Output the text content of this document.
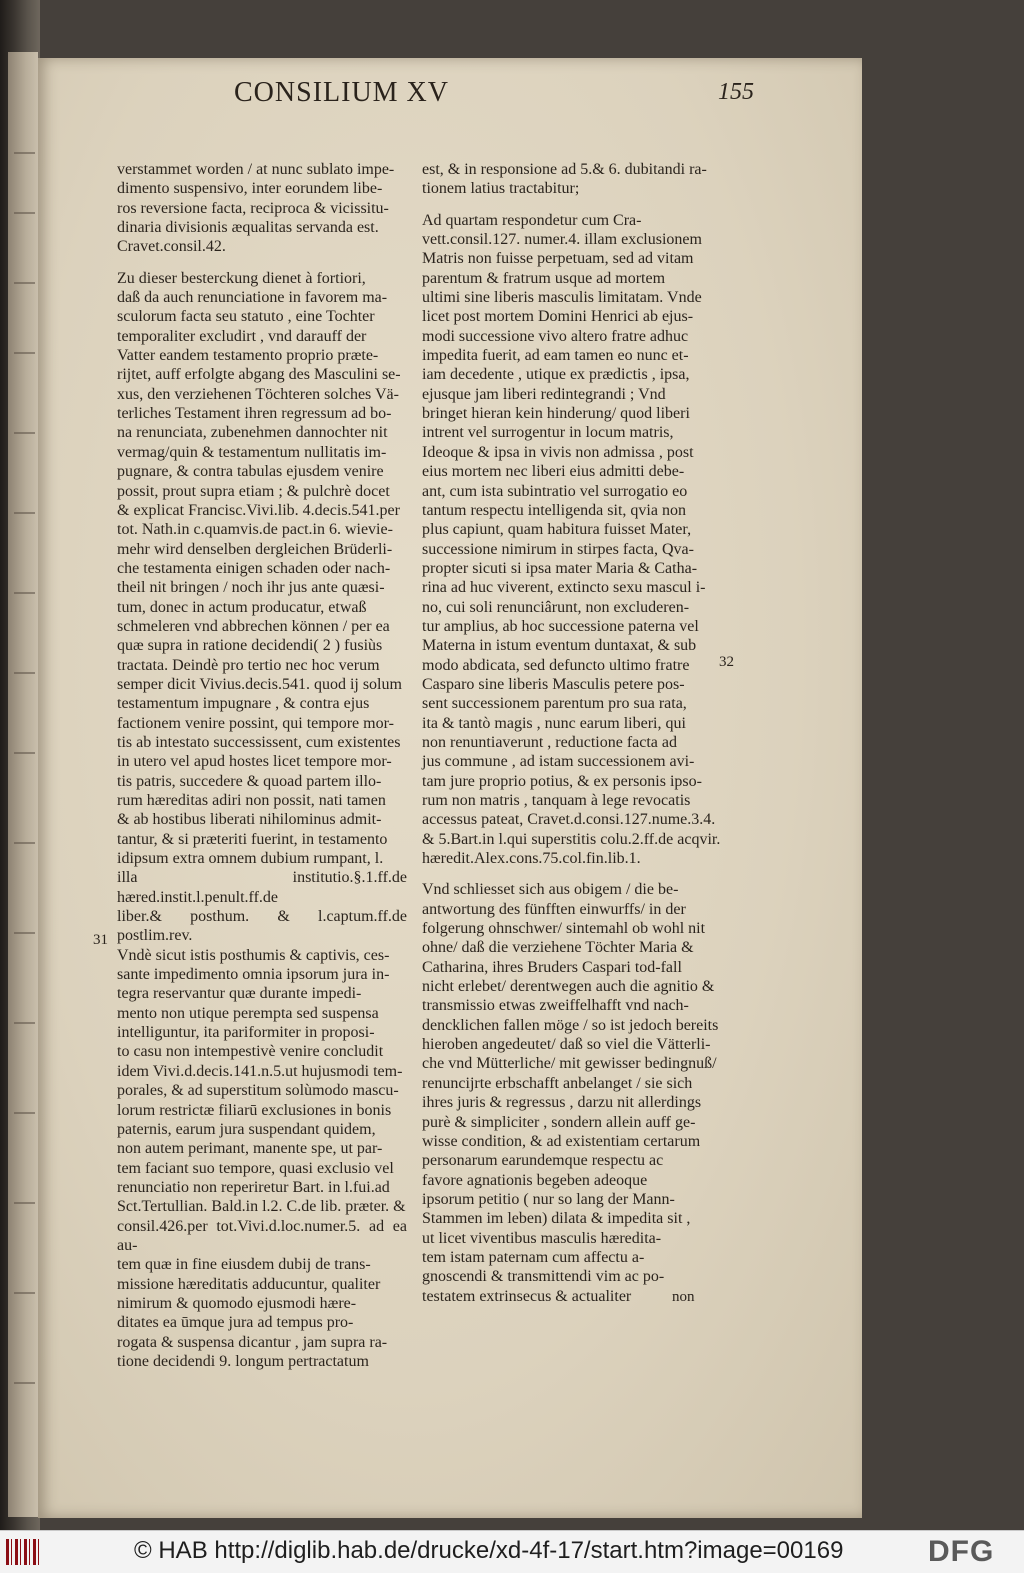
CONSILIUM XV	155

verstammet worden / at nunc sublato impe-
dimento suspensivo, inter eorundem libe-
ros reversione facta, reciproca & vicissitu-
dinaria divisionis æqualitas servanda est.
Cravet.consil.42.

Zu dieser besterckung dienet à fortiori,
daß da auch renunciatione in favorem ma-
sculorum facta seu statuto , eine Tochter
temporaliter excludirt , vnd darauff der
Vatter eandem testamento proprio præte-
rijtet, auff erfolgte abgang des Masculini se-
xus, den verziehenen Töchteren solches Vä-
terliches Testament ihren regressum ad bo-
na renunciata, zubenehmen dannochter nit
vermag/quin & testamentum nullitatis im-
pugnare, & contra tabulas ejusdem venire
possit, prout supra etiam ; & pulchrè docet
& explicat Francisc.Vivi.lib. 4.decis.541.per
tot. Nath.in c.quamvis.de pact.in 6. wievie-
mehr wird denselben dergleichen Brüderli-
che testamenta einigen schaden oder nach-
theil nit bringen / noch ihr jus ante quæsi-
tum, donec in actum producatur, etwaß
schmeleren vnd abbrechen können / per ea
quæ supra in ratione decidendi( 2 ) fusiùs
tractata. Deindè pro tertio nec hoc verum
semper dicit Vivius.decis.541. quod ij solum
testamentum impugnare , & contra ejus
factionem venire possint, qui tempore mor-
tis ab intestato successissent, cum existentes
in utero vel apud hostes licet tempore mor-
tis patris, succedere & quoad partem illo-
rum hæreditas adiri non possit, nati tamen
& ab hostibus liberati nihilominus admit-
tantur, & si præteriti fuerint, in testamento
idipsum extra omnem dubium rumpant, l.
illa institutio.§.1.ff.de hæred.instit.l.penult.ff.de
liber.& posthum. & l.captum.ff.de postlim.rev.
Vndè sicut istis posthumis & captivis, ces-
sante impedimento omnia ipsorum jura in-
tegra reservantur quæ durante impedi-
mento non utique perempta sed suspensa
intelliguntur, ita pariformiter in proposi-
to casu non intempestivè venire concludit
idem Vivi.d.decis.141.n.5.ut hujusmodi tem-
porales, & ad superstitum solùmodo mascu-
lorum restrictæ filiarū exclusiones in bonis
paternis, earum jura suspendant quidem,
non autem perimant, manente spe, ut par-
tem faciant suo tempore, quasi exclusio vel
renunciatio non reperiretur Bart. in l.fui.ad
Sct.Tertullian. Bald.in l.2. C.de lib. præter. &
consil.426.per tot.Vivi.d.loc.numer.5. ad ea au-
tem quæ in fine eiusdem dubij de trans-
missione hæreditatis adducuntur, qualiter
nimirum & quomodo ejusmodi hære-
ditates ea ūmque jura ad tempus pro-
rogata & suspensa dicantur , jam supra ra-
tione decidendi 9. longum pertractatum

est, & in responsione ad 5.& 6. dubitandi ra-
tionem latius tractabitur;

Ad quartam respondetur cum Cra-
vett.consil.127. numer.4. illam exclusionem
Matris non fuisse perpetuam, sed ad vitam
parentum & fratrum usque ad mortem
ultimi sine liberis masculis limitatam. Vnde
licet post mortem Domini Henrici ab ejus-
modi successione vivo altero fratre adhuc
impedita fuerit, ad eam tamen eo nunc et-
iam decedente , utique ex prædictis , ipsa,
ejusque jam liberi redintegrandi ; Vnd
bringet hieran kein hinderung/ quod liberi
intrent vel surrogentur in locum matris,
Ideoque & ipsa in vivis non admissa , post
eius mortem nec liberi eius admitti debe-
ant, cum ista subintratio vel surrogatio eo
tantum respectu intelligenda sit, qvia non
plus capiunt, quam habitura fuisset Mater,
successione nimirum in stirpes facta, Qva-
propter sicuti si ipsa mater Maria & Catha-
rina ad huc viverent, extincto sexu mascul i-
no, cui soli renunciârunt, non excluderen-
tur amplius, ab hoc successione paterna vel
Materna in istum eventum duntaxat, & sub
modo abdicata, sed defuncto ultimo fratre
Casparo sine liberis Masculis petere pos-
sent successionem parentum pro sua rata,
ita & tantò magis , nunc earum liberi, qui
non renuntiaverunt , reductione facta ad
jus commune , ad istam successionem avi-
tam jure proprio potius, & ex personis ipso-
rum non matris , tanquam à lege revocatis
accessus pateat, Cravet.d.consi.127.nume.3.4.
& 5.Bart.in l.qui superstitis colu.2.ff.de acqvir.
hæredit.Alex.cons.75.col.fin.lib.1.

Vnd schliesset sich aus obigem / die be-
antwortung des fünfften einwurffs/ in der
folgerung ohnschwer/ sintemahl ob wohl nit
ohne/ daß die verziehene Töchter Maria &
Catharina, ihres Bruders Caspari tod-fall
nicht erlebet/ derentwegen auch die agnitio &
transmissio etwas zweiffelhafft vnd nach-
dencklichen fallen möge / so ist jedoch bereits
hieroben angedeutet/ daß so viel die Vätterli-
che vnd Mütterliche/ mit gewisser bedingnuß/
renuncijrte erbschafft anbelanget / sie sich
ihres juris & regressus , darzu nit allerdings
purè & simpliciter , sondern allein auff ge-
wisse condition, & ad existentiam certarum
personarum earundemque respectu ac
favore agnationis begeben adeoque
ipsorum petitio ( nur so lang der Mann-
Stammen im leben) dilata & impedita sit ,
ut licet viventibus masculis hæredita-
tem istam paternam cum affectu a-
gnoscendi & transmittendi vim ac po-
testatem extrinsecus & actualiter

31
32
non
© HAB http://diglib.hab.de/drucke/xd-4f-17/start.htm?image=00169	DFG
